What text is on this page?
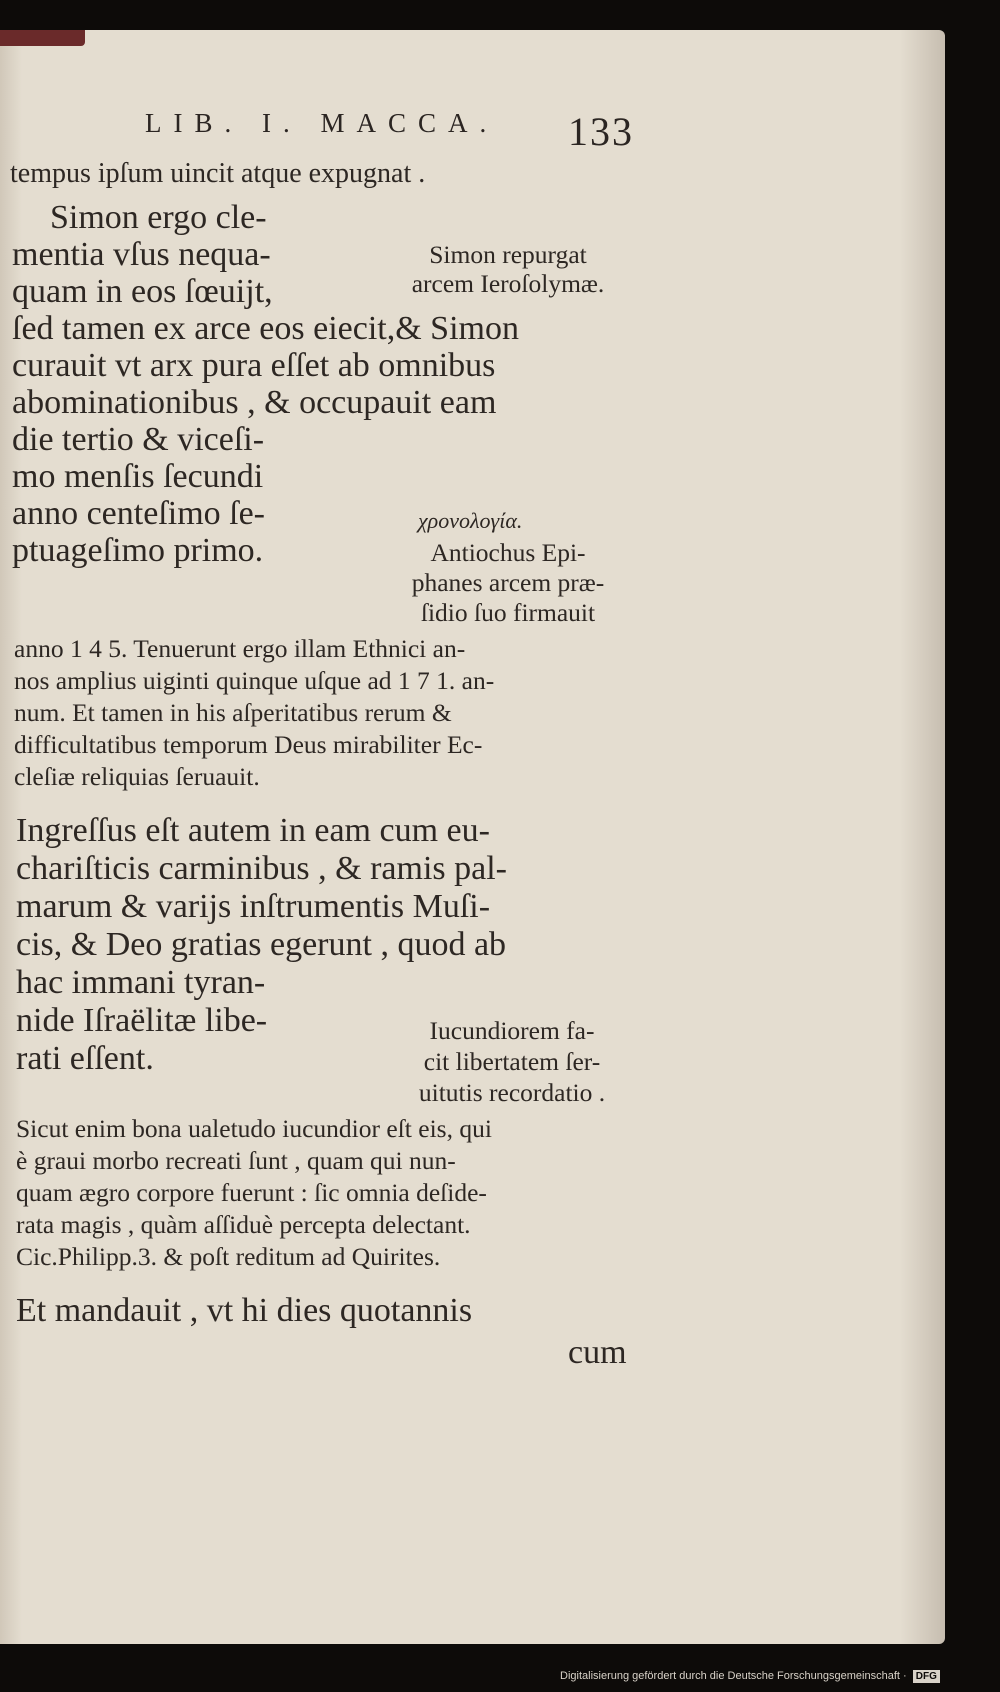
LIB. I. MACCA. 133
tempus ipſum uincit atque expugnat .
Simon ergo cle-
mentia vſus nequa-
quam in eos ſœuijt,
ſed tamen ex arce eos eiecit,& Simon
curauit vt arx pura eſſet ab omnibus
abominationibus , & occupauit eam
die tertio & viceſi-
mo menſis ſecundi
anno centeſimo ſe-
ptuageſimo primo.
Simon repurgat
arcem Ieroſolymæ.
χρονολογία.
Antiochus Epi-
phanes arcem præ-
ſidio ſuo firmauit
anno 1 4 5. Tenuerunt ergo illam Ethnici an-
nos amplius uiginti quinque uſque ad 1 7 1. an-
num. Et tamen in his aſperitatibus rerum &
difficultatibus temporum Deus mirabiliter Ec-
cleſiæ reliquias ſeruauit.
Ingreſſus eſt autem in eam cum eu-
chariſticis carminibus , & ramis pal-
marum & varijs inſtrumentis Muſi-
cis, & Deo gratias egerunt , quod ab
hac immani tyran-
nide Iſraëlitæ libe-
rati eſſent.
Iucundiorem fa-
cit libertatem ſer-
uitutis recordatio .
Sicut enim bona ualetudo iucundior eſt eis, qui
è graui morbo recreati ſunt , quam qui nun-
quam ægro corpore fuerunt : ſic omnia deſide-
rata magis , quàm aſſiduè percepta delectant.
Cic.Philipp.3. & poſt reditum ad Quirites.
Et mandauit , vt hi dies quotannis
cum
Digitalisierung gefördert durch die Deutsche Forschungsgemeinschaft · DFG
